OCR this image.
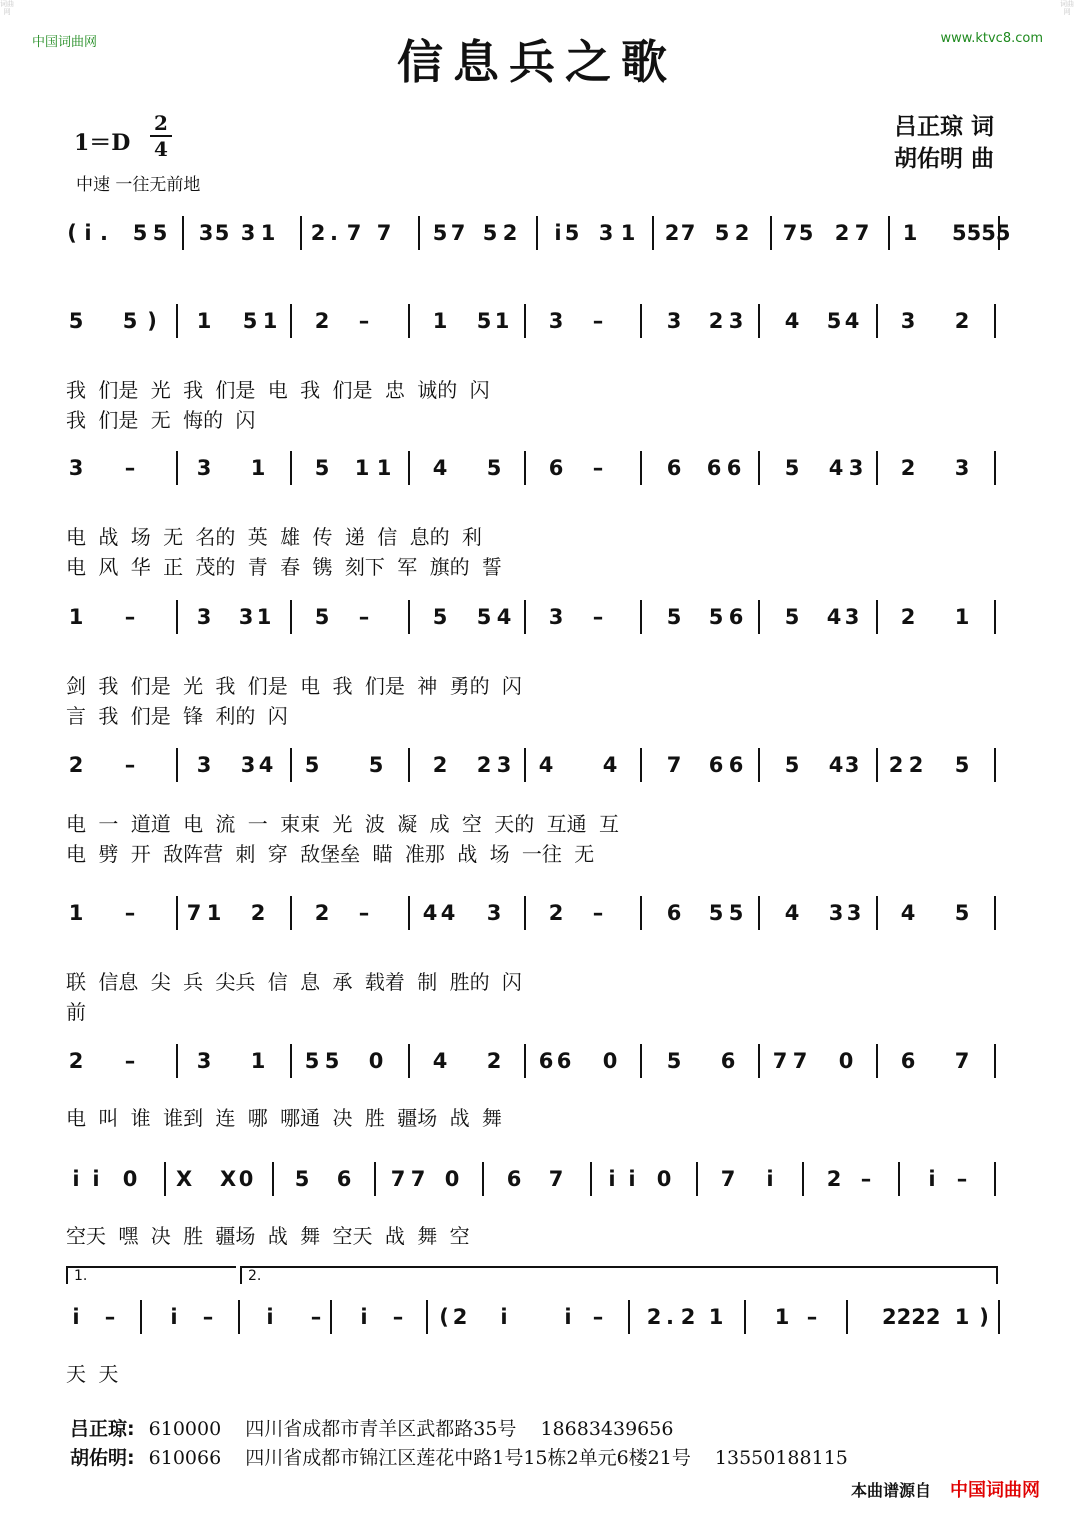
词曲网
词曲网
中国词曲网	www.ktvc8.com
信息兵之歌
1＝D
2
4
中速 一往无前地
吕正琼 词
胡佑明 曲
( i . 5 5 3 5 3 1 2 . 7 7 5 7 5 2 i 5 3 1 2 7 5 2 7 5 2 7 1 5555
5 5 ) 1 5 1 2 –	1 5 1 3 –	3 2 3 4 5 4 3 2
我 们是 光 我 们是 电 我 们是 忠 诚的 闪
我 们是 无 悔的 闪
3 –	3 1 5 1 1 4 5 6 –	6 6 6 5 4 3 2 3
电 战 场 无 名的 英 雄 传 递 信 息的 利
电 风 华 正 茂的 青 春 镌 刻下 军 旗的 誓
1 –	3 3 1 5 –	5 5 4 3 –	5 5 6 5 4 3 2 1
剑 我 们是 光 我 们是 电 我 们是 神 勇的 闪
言 我 们是 锋 利的 闪
2 –	3 3 4 5 5 2 2 3 4 4 7 6 6 5 4 3 2 2 5
电 一 道道 电 流 一 束束 光 波 凝 成 空 天的 互通 互
电 劈 开 敌阵营 刺 穿 敌堡垒 瞄 准那 战 场 一往 无
1 – 7 1 2 2 –	4 4 3 2 –	6 5 5 4 3 3 4 5
联 信息 尖 兵 尖兵 信 息 承 载着 制 胜的 闪
前
2 –	3 1 5 5 0 4 2 6 6 0 5 6 7 7 0 6 7
电 叫 谁 谁到 连 哪 哪通 决 胜 疆场 战 舞
i i 0 X X 0 5 6 7 7 0 6 7 i i 0 7 i	2 –	i –
空天 嘿 决 胜 疆场 战 舞 空天 战 舞 空
i –	i –	i – i – ( 2 i	i – 2 . 2 1 1 –	2222 1 )
天 天
1.	2.
吕正琼: 610000 四川省成都市青羊区武都路35号 18683439656
胡佑明: 610066 四川省成都市锦江区莲花中路1号15栋2单元6楼21号 13550188115
本曲谱源自 中国词曲网
